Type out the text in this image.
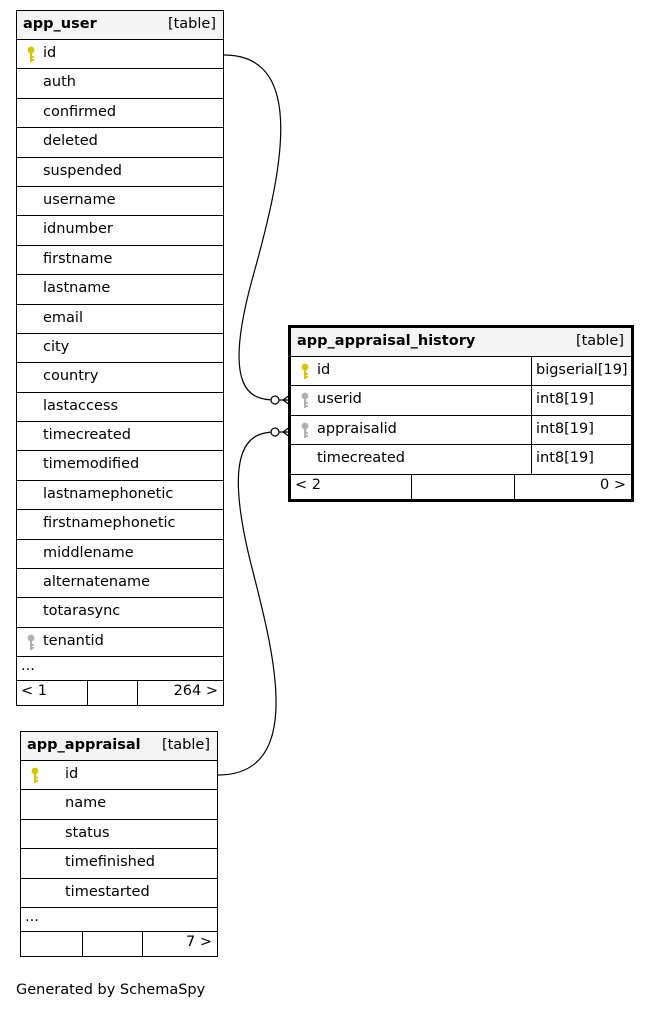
app_user	[table]
id
auth
confirmed
deleted
suspended
username
idnumber
firstname
lastname
email
city
country
lastaccess
timecreated
timemodified
lastnamephonetic
firstnamephonetic
middlename
alternatename
totarasync
tenantid
...
< 1	264 >
app_appraisal_history	[table]
id	bigserial[19]
userid	int8[19]
appraisalid	int8[19]
timecreated	int8[19]
< 2	0 >
app_appraisal [table]
id
name
status
timefinished
timestarted
...
7 >
Generated by SchemaSpy
